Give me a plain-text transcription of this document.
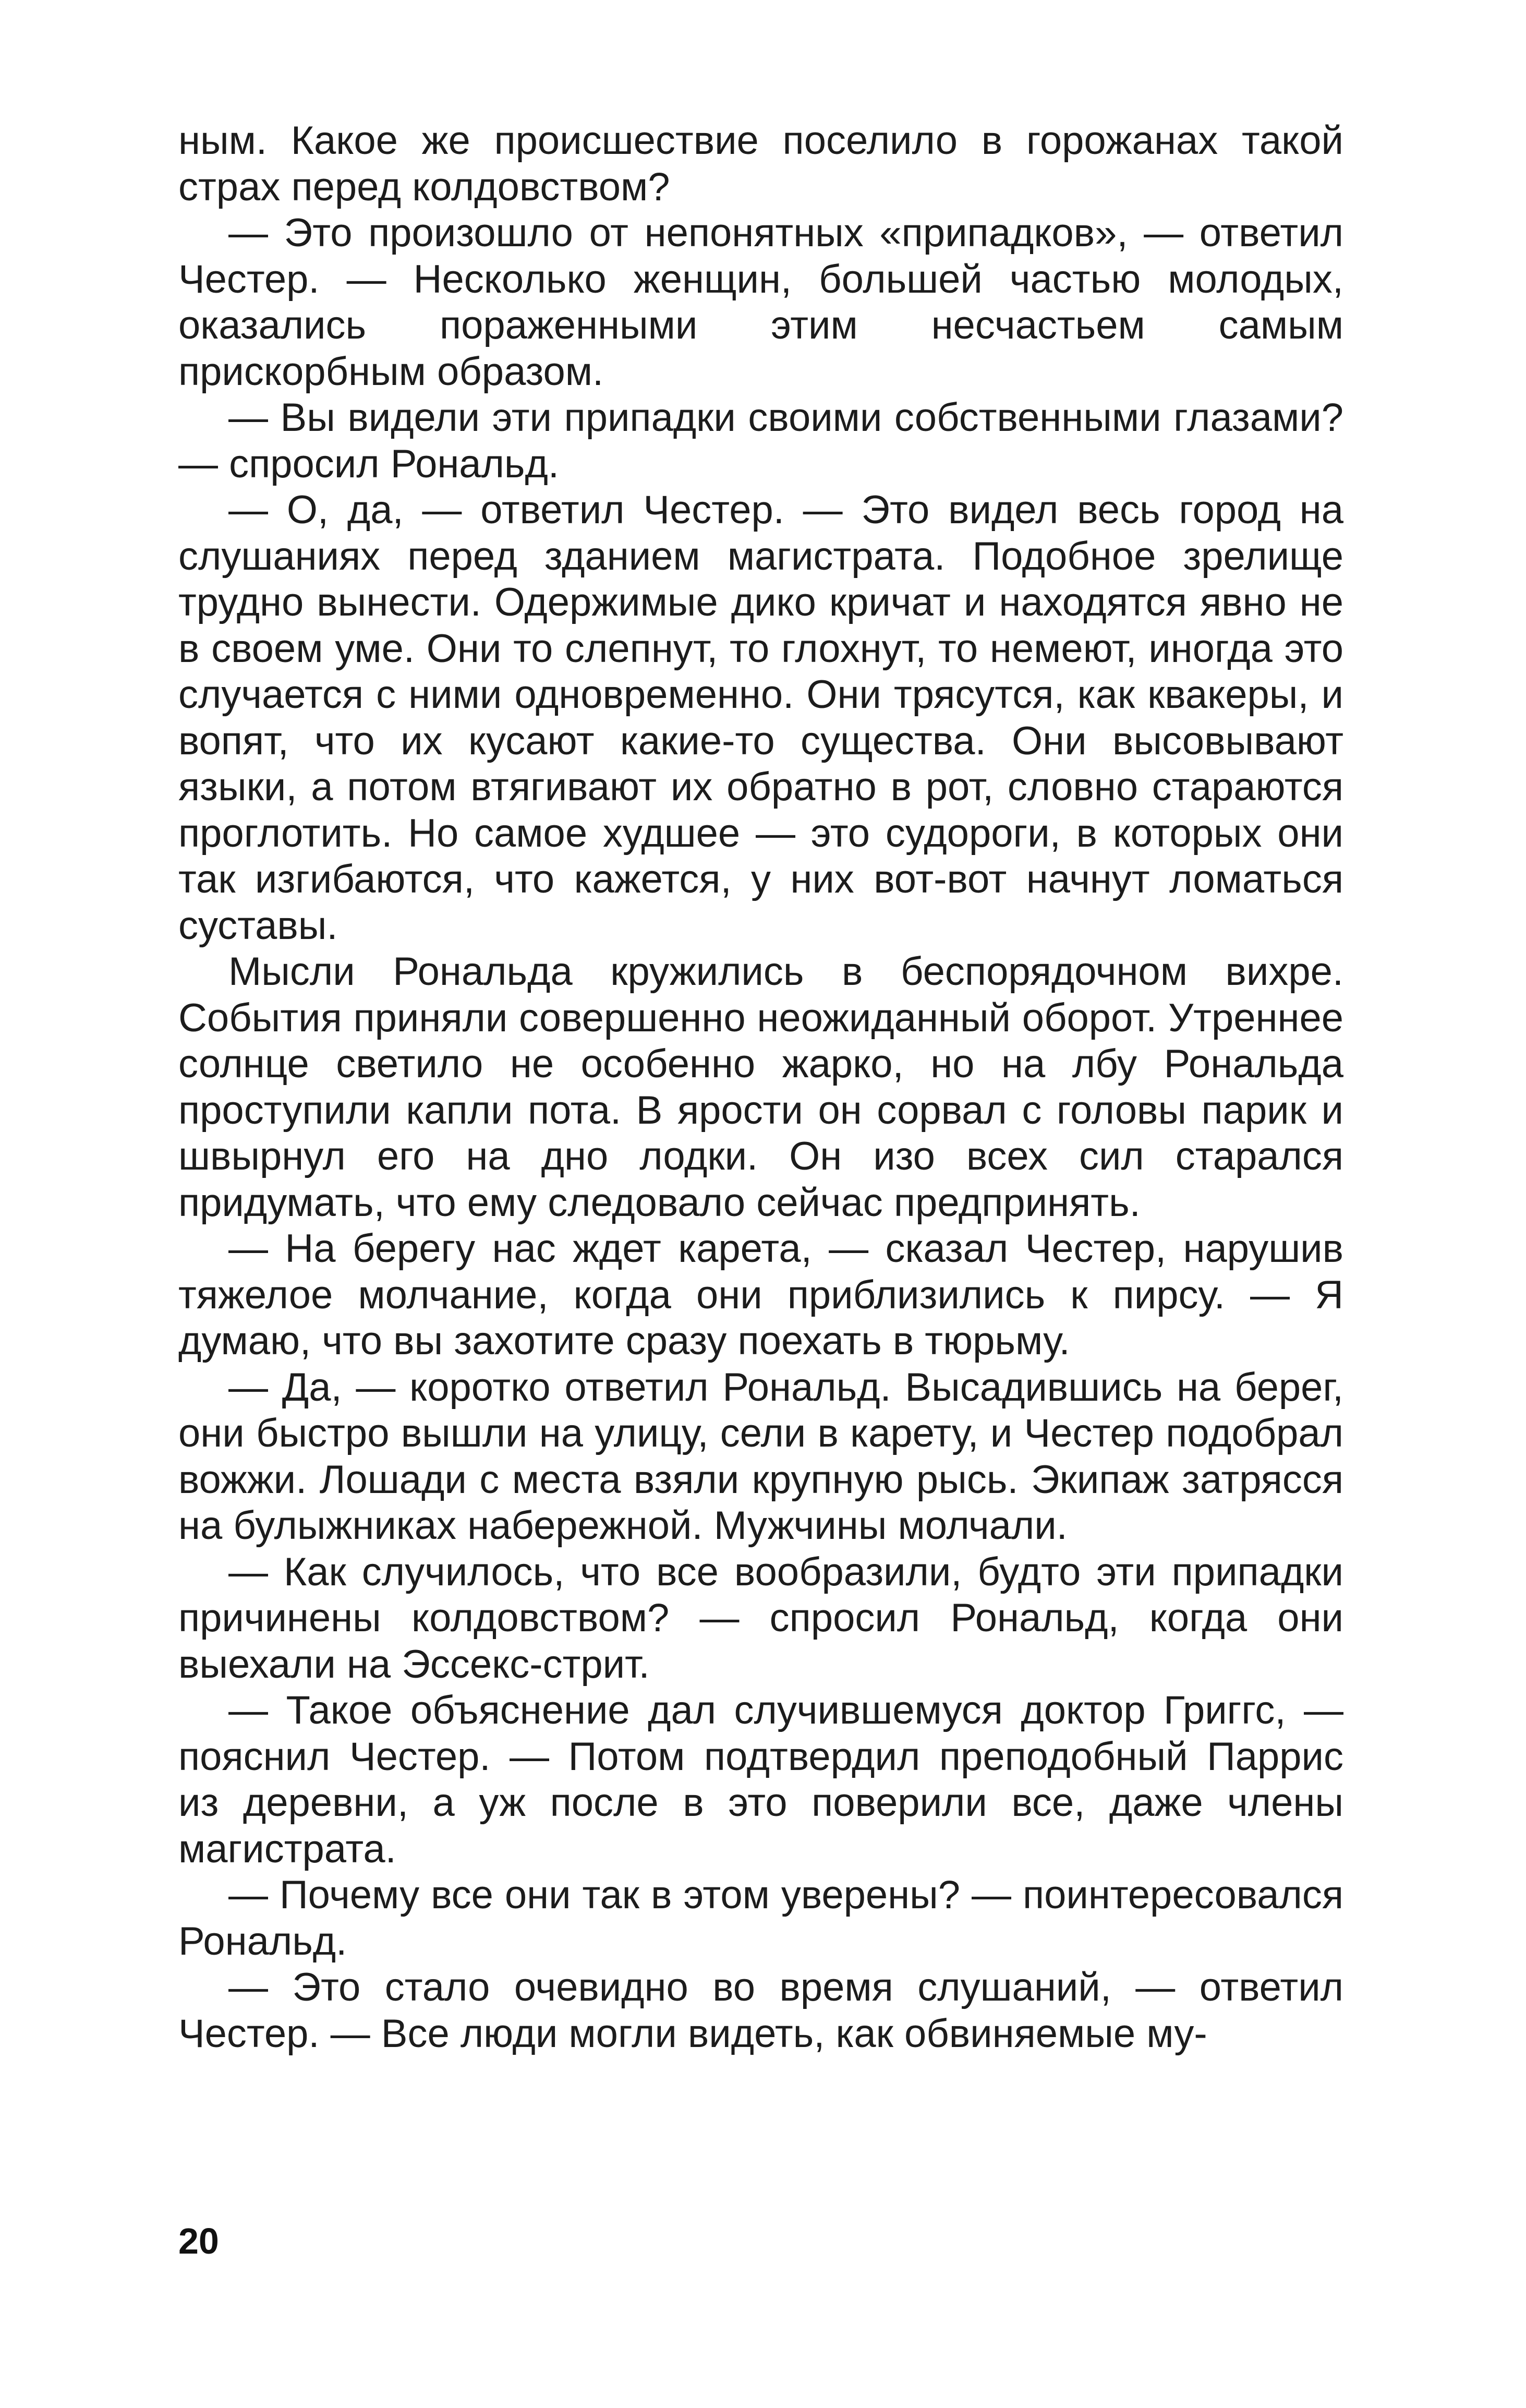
ным. Какое же происшествие поселило в горожанах такой страх перед колдовством?

— Это произошло от непонятных «припадков», — ответил Честер. — Несколько женщин, большей частью молодых, оказались пораженными этим несчастьем самым прискорбным образом.

— Вы видели эти припадки своими собственными глазами? — спросил Рональд.

— О, да, — ответил Честер. — Это видел весь город на слушаниях перед зданием магистрата. Подобное зрелище трудно вынести. Одержимые дико кричат и находятся явно не в своем уме. Они то слепнут, то глохнут, то немеют, иногда это случается с ними одновременно. Они трясутся, как квакеры, и вопят, что их кусают какие-то существа. Они высовывают языки, а потом втягивают их обратно в рот, словно стараются проглотить. Но самое худшее — это судороги, в которых они так изгибаются, что кажется, у них вот-вот начнут ломаться суставы.

Мысли Рональда кружились в беспорядочном вихре. События приняли совершенно неожиданный оборот. Утреннее солнце светило не особенно жарко, но на лбу Рональда проступили капли пота. В ярости он сорвал с головы парик и швырнул его на дно лодки. Он изо всех сил старался придумать, что ему следовало сейчас предпринять.

— На берегу нас ждет карета, — сказал Честер, нарушив тяжелое молчание, когда они приблизились к пирсу. — Я думаю, что вы захотите сразу поехать в тюрьму.

— Да, — коротко ответил Рональд. Высадившись на берег, они быстро вышли на улицу, сели в карету, и Честер подобрал вожжи. Лошади с места взяли крупную рысь. Экипаж затрясся на булыжниках набережной. Мужчины молчали.

— Как случилось, что все вообразили, будто эти припадки причинены колдовством? — спросил Рональд, когда они выехали на Эссекс-стрит.

— Такое объяснение дал случившемуся доктор Григгс, — пояснил Честер. — Потом подтвердил преподобный Паррис из деревни, а уж после в это поверили все, даже члены магистрата.

— Почему все они так в этом уверены? — поинтересовался Рональд.

— Это стало очевидно во время слушаний, — ответил Честер. — Все люди могли видеть, как обвиняемые му-

20
